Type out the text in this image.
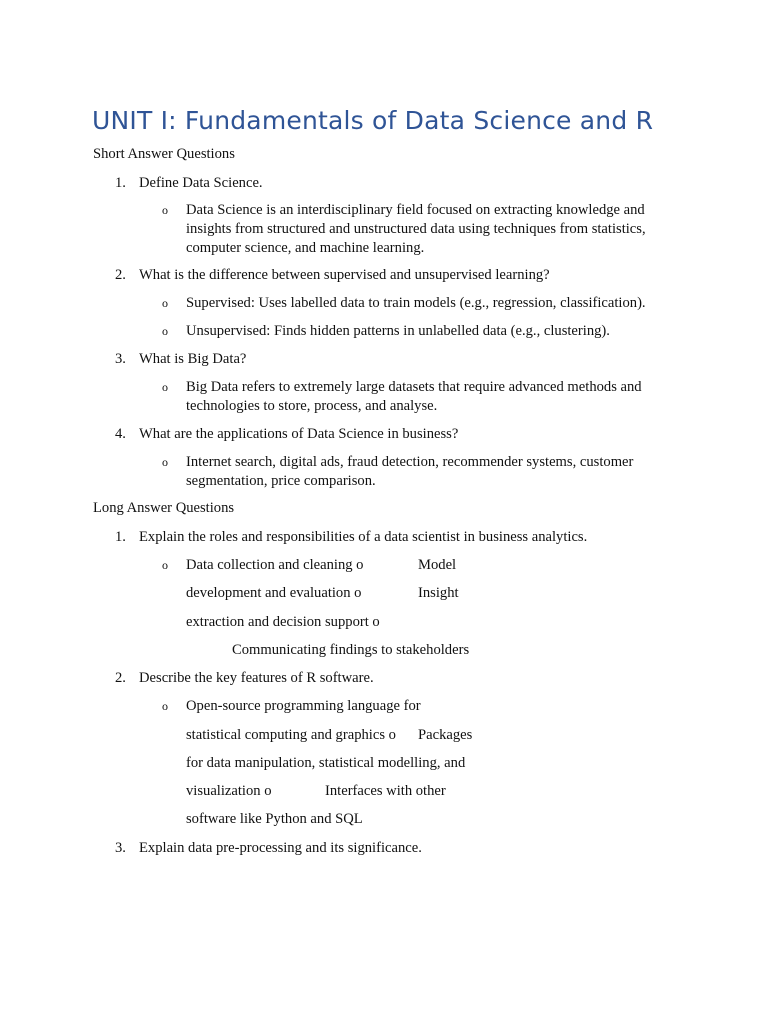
UNIT I: Fundamentals of Data Science and R
Short Answer Questions
1. Define Data Science.
o Data Science is an interdisciplinary field focused on extracting knowledge and insights from structured and unstructured data using techniques from statistics, computer science, and machine learning.
2. What is the difference between supervised and unsupervised learning?
o Supervised: Uses labelled data to train models (e.g., regression, classification).
o Unsupervised: Finds hidden patterns in unlabelled data (e.g., clustering).
3. What is Big Data?
o Big Data refers to extremely large datasets that require advanced methods and technologies to store, process, and analyse.
4. What are the applications of Data Science in business?
o Internet search, digital ads, fraud detection, recommender systems, customer segmentation, price comparison.
Long Answer Questions
1. Explain the roles and responsibilities of a data scientist in business analytics.
o Data collection and cleaning o	Model
development and evaluation o	Insight
extraction and decision support o
Communicating findings to stakeholders
2. Describe the key features of R software.
o Open-source programming language for
statistical computing and graphics o Packages
for data manipulation, statistical modelling, and
visualization o	Interfaces with other
software like Python and SQL
3. Explain data pre-processing and its significance.
